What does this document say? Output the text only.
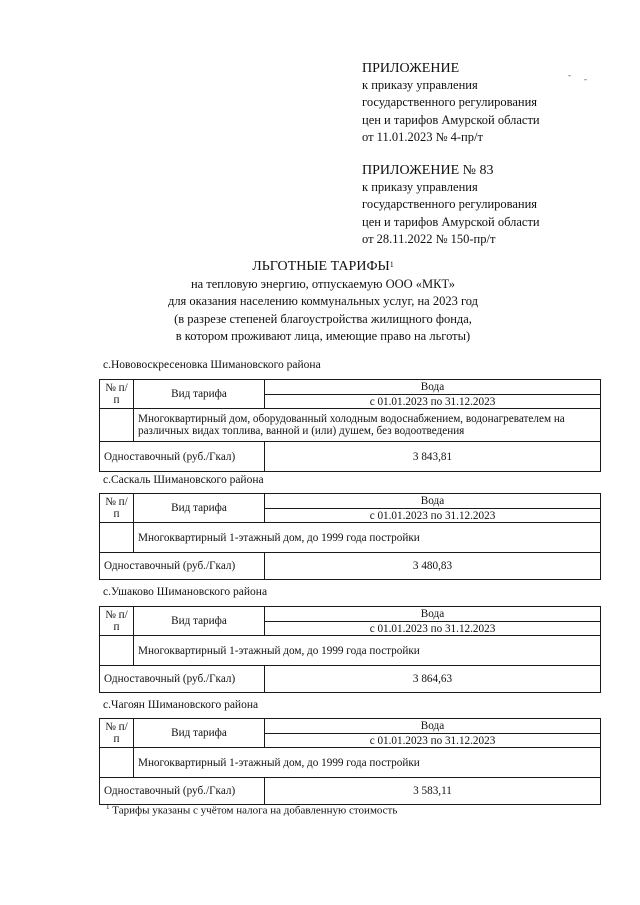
ПРИЛОЖЕНИЕ
к приказу управления
государственного регулирования
цен и тарифов Амурской области
от 11.01.2023 № 4-пр/т
ПРИЛОЖЕНИЕ № 83
к приказу управления
государственного регулирования
цен и тарифов Амурской области
от 28.11.2022 № 150-пр/т
- -
ЛЬГОТНЫЕ ТАРИФЫ$^1$
на тепловую энергию, отпускаемую ООО «МКТ»
для оказания населению коммунальных услуг, на 2023 год
(в разрезе степеней благоустройства жилищного фонда,
в котором проживают лица, имеющие право на льготы)
с.Нововоскресеновка Шимановского района
№ п/п	Вид тарифа	Вода
		с 01.01.2023 по 31.12.2023
	Многоквартирный дом, оборудованный холодным водоснабжением, водонагревателем на различных видах топлива, ванной и (или) душем, без водоотведения	
Одноставочный (руб./Гкал)		3 843,81
с.Саскаль Шимановского района
№ п/п	Вид тарифа	Вода
		с 01.01.2023 по 31.12.2023
	Многоквартирный 1-этажный дом, до 1999 года постройки	
Одноставочный (руб./Гкал)		3 480,83
с.Ушаково Шимановского района
№ п/п	Вид тарифа	Вода
		с 01.01.2023 по 31.12.2023
	Многоквартирный 1-этажный дом, до 1999 года постройки	
Одноставочный (руб./Гкал)		3 864,63
с.Чагоян Шимановского района
№ п/п	Вид тарифа	Вода
		с 01.01.2023 по 31.12.2023
	Многоквартирный 1-этажный дом, до 1999 года постройки	
Одноставочный (руб./Гкал)		3 583,11
$^1$ Тарифы указаны с учётом налога на добавленную стоимость
